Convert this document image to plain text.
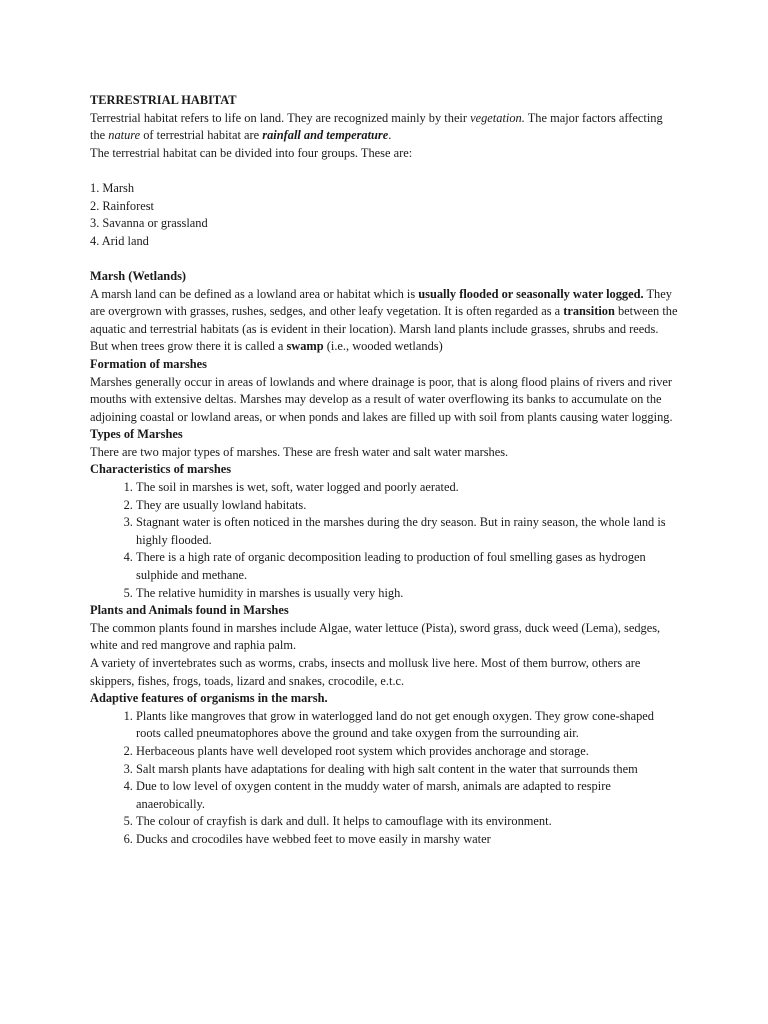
TERRESTRIAL HABITAT

Terrestrial habitat refers to life on land. They are recognized mainly by their vegetation. The major factors affecting the nature of terrestrial habitat are rainfall and temperature.

The terrestrial habitat can be divided into four groups. These are:

1. Marsh

2. Rainforest

3. Savanna or grassland

4. Arid land

Marsh (Wetlands)

A marsh land can be defined as a lowland area or habitat which is usually flooded or seasonally water logged. They are overgrown with grasses, rushes, sedges, and other leafy vegetation. It is often regarded as a transition between the aquatic and terrestrial habitats (as is evident in their location). Marsh land plants include grasses, shrubs and reeds. But when trees grow there it is called a swamp (i.e., wooded wetlands)

Formation of marshes

Marshes generally occur in areas of lowlands and where drainage is poor, that is along flood plains of rivers and river mouths with extensive deltas. Marshes may develop as a result of water overflowing its banks to accumulate on the adjoining coastal or lowland areas, or when ponds and lakes are filled up with soil from plants causing water logging.

Types of Marshes

There are two major types of marshes. These are fresh water and salt water marshes.

Characteristics of marshes

1. The soil in marshes is wet, soft, water logged and poorly aerated.
2. They are usually lowland habitats.
3. Stagnant water is often noticed in the marshes during the dry season. But in rainy season, the whole land is highly flooded.
4. There is a high rate of organic decomposition leading to production of foul smelling gases as hydrogen sulphide and methane.
5. The relative humidity in marshes is usually very high.

Plants and Animals found in Marshes

The common plants found in marshes include Algae, water lettuce (Pista), sword grass, duck weed (Lema), sedges, white and red mangrove and raphia palm.

A variety of invertebrates such as worms, crabs, insects and mollusk live here. Most of them burrow, others are skippers, fishes, frogs, toads, lizard and snakes, crocodile, e.t.c.

Adaptive features of organisms in the marsh.

1. Plants like mangroves that grow in waterlogged land do not get enough oxygen. They grow cone-shaped roots called pneumatophores above the ground and take oxygen from the surrounding air.
2. Herbaceous plants have well developed root system which provides anchorage and storage.
3. Salt marsh plants have adaptations for dealing with high salt content in the water that surrounds them
4. Due to low level of oxygen content in the muddy water of marsh, animals are adapted to respire anaerobically.
5. The colour of crayfish is dark and dull. It helps to camouflage with its environment.
6. Ducks and crocodiles have webbed feet to move easily in marshy water
